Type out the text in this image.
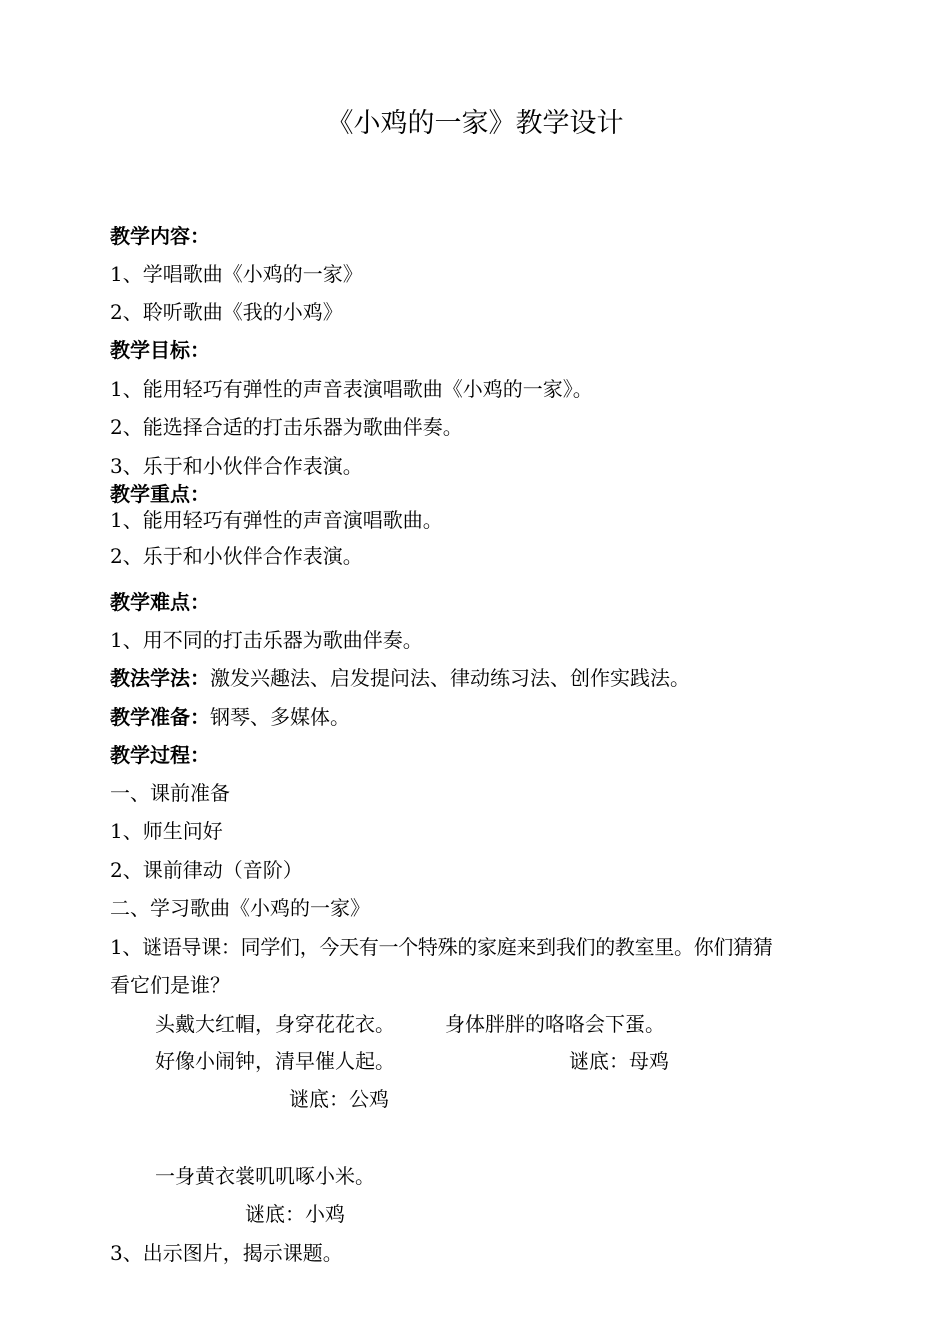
《小鸡的一家》教学设计
教学内容：
1、学唱歌曲《小鸡的一家》
2、聆听歌曲《我的小鸡》
教学目标：
1、能用轻巧有弹性的声音表演唱歌曲《小鸡的一家》。
2、能选择合适的打击乐器为歌曲伴奏。
3、乐于和小伙伴合作表演。
教学重点：
1、能用轻巧有弹性的声音演唱歌曲。
2、乐于和小伙伴合作表演。
教学难点：
1、用不同的打击乐器为歌曲伴奏。
教法学法：激发兴趣法、启发提问法、律动练习法、创作实践法。
教学准备：钢琴、多媒体。
教学过程：
一、课前准备
1、师生问好
2、课前律动（音阶）
二、学习歌曲《小鸡的一家》
1、谜语导课：同学们，今天有一个特殊的家庭来到我们的教室里。你们猜猜
看它们是谁？
头戴大红帽，身穿花花衣。	身体胖胖的咯咯会下蛋。
好像小闹钟，清早催人起。	谜底：母鸡
谜底：公鸡
一身黄衣裳叽叽啄小米。
谜底：小鸡
3、出示图片，揭示课题。
